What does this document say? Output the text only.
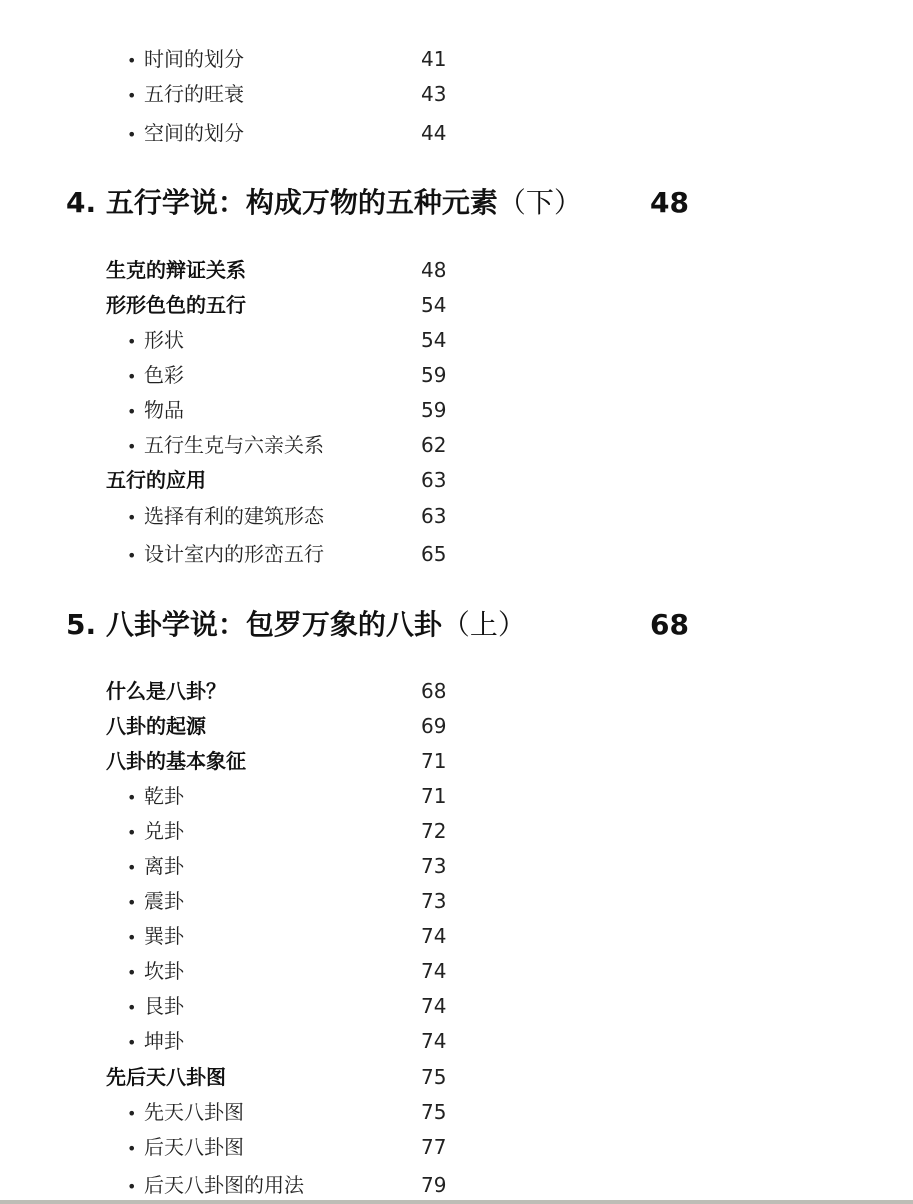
• 时间的划分	41
• 五行的旺衰	43
• 空间的划分	44
4. 五行学说：构成万物的五种元素（下） 48
生克的辩证关系	48
形形色色的五行	54
• 形状	54
• 色彩	59
• 物品	59
• 五行生克与六亲关系	62
五行的应用	63
• 选择有利的建筑形态	63
• 设计室内的形峦五行	65
5. 八卦学说：包罗万象的八卦（上）	68
什么是八卦？	68
八卦的起源	69
八卦的基本象征	71
• 乾卦	71
• 兑卦	72
• 离卦	73
• 震卦	73
• 巽卦	74
• 坎卦	74
• 艮卦	74
• 坤卦	74
先后天八卦图	75
• 先天八卦图	75
• 后天八卦图	77
• 后天八卦图的用法	79
